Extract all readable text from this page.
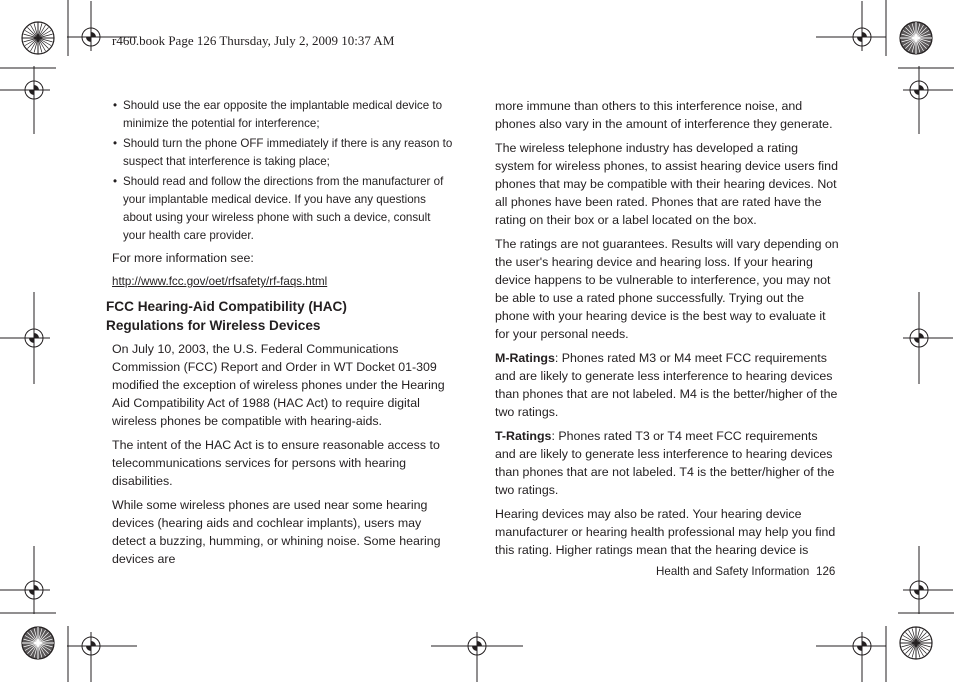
r460.book Page 126 Thursday, July 2, 2009 10:37 AM
• Should use the ear opposite the implantable medical device to minimize the potential for interference;
• Should turn the phone OFF immediately if there is any reason to suspect that interference is taking place;
• Should read and follow the directions from the manufacturer of your implantable medical device. If you have any questions about using your wireless phone with such a device, consult your health care provider.

For more information see:

http://www.fcc.gov/oet/rfsafety/rf-faqs.html
FCC Hearing-Aid Compatibility (HAC)
Regulations for Wireless Devices

On July 10, 2003, the U.S. Federal Communications Commission (FCC) Report and Order in WT Docket 01-309 modified the exception of wireless phones under the Hearing Aid Compatibility Act of 1988 (HAC Act) to require digital wireless phones be compatible with hearing-aids.

The intent of the HAC Act is to ensure reasonable access to telecommunications services for persons with hearing disabilities.

While some wireless phones are used near some hearing devices (hearing aids and cochlear implants), users may detect a buzzing, humming, or whining noise. Some hearing devices are

more immune than others to this interference noise, and phones also vary in the amount of interference they generate.

The wireless telephone industry has developed a rating system for wireless phones, to assist hearing device users find phones that may be compatible with their hearing devices. Not all phones have been rated. Phones that are rated have the rating on their box or a label located on the box.

The ratings are not guarantees. Results will vary depending on the user's hearing device and hearing loss. If your hearing device happens to be vulnerable to interference, you may not be able to use a rated phone successfully. Trying out the phone with your hearing device is the best way to evaluate it for your personal needs.

M-Ratings: Phones rated M3 or M4 meet FCC requirements and are likely to generate less interference to hearing devices than phones that are not labeled. M4 is the better/higher of the two ratings.

T-Ratings: Phones rated T3 or T4 meet FCC requirements and are likely to generate less interference to hearing devices than phones that are not labeled. T4 is the better/higher of the two ratings.

Hearing devices may also be rated. Your hearing device manufacturer or hearing health professional may help you find this rating. Higher ratings mean that the hearing device is

Health and Safety Information 126
